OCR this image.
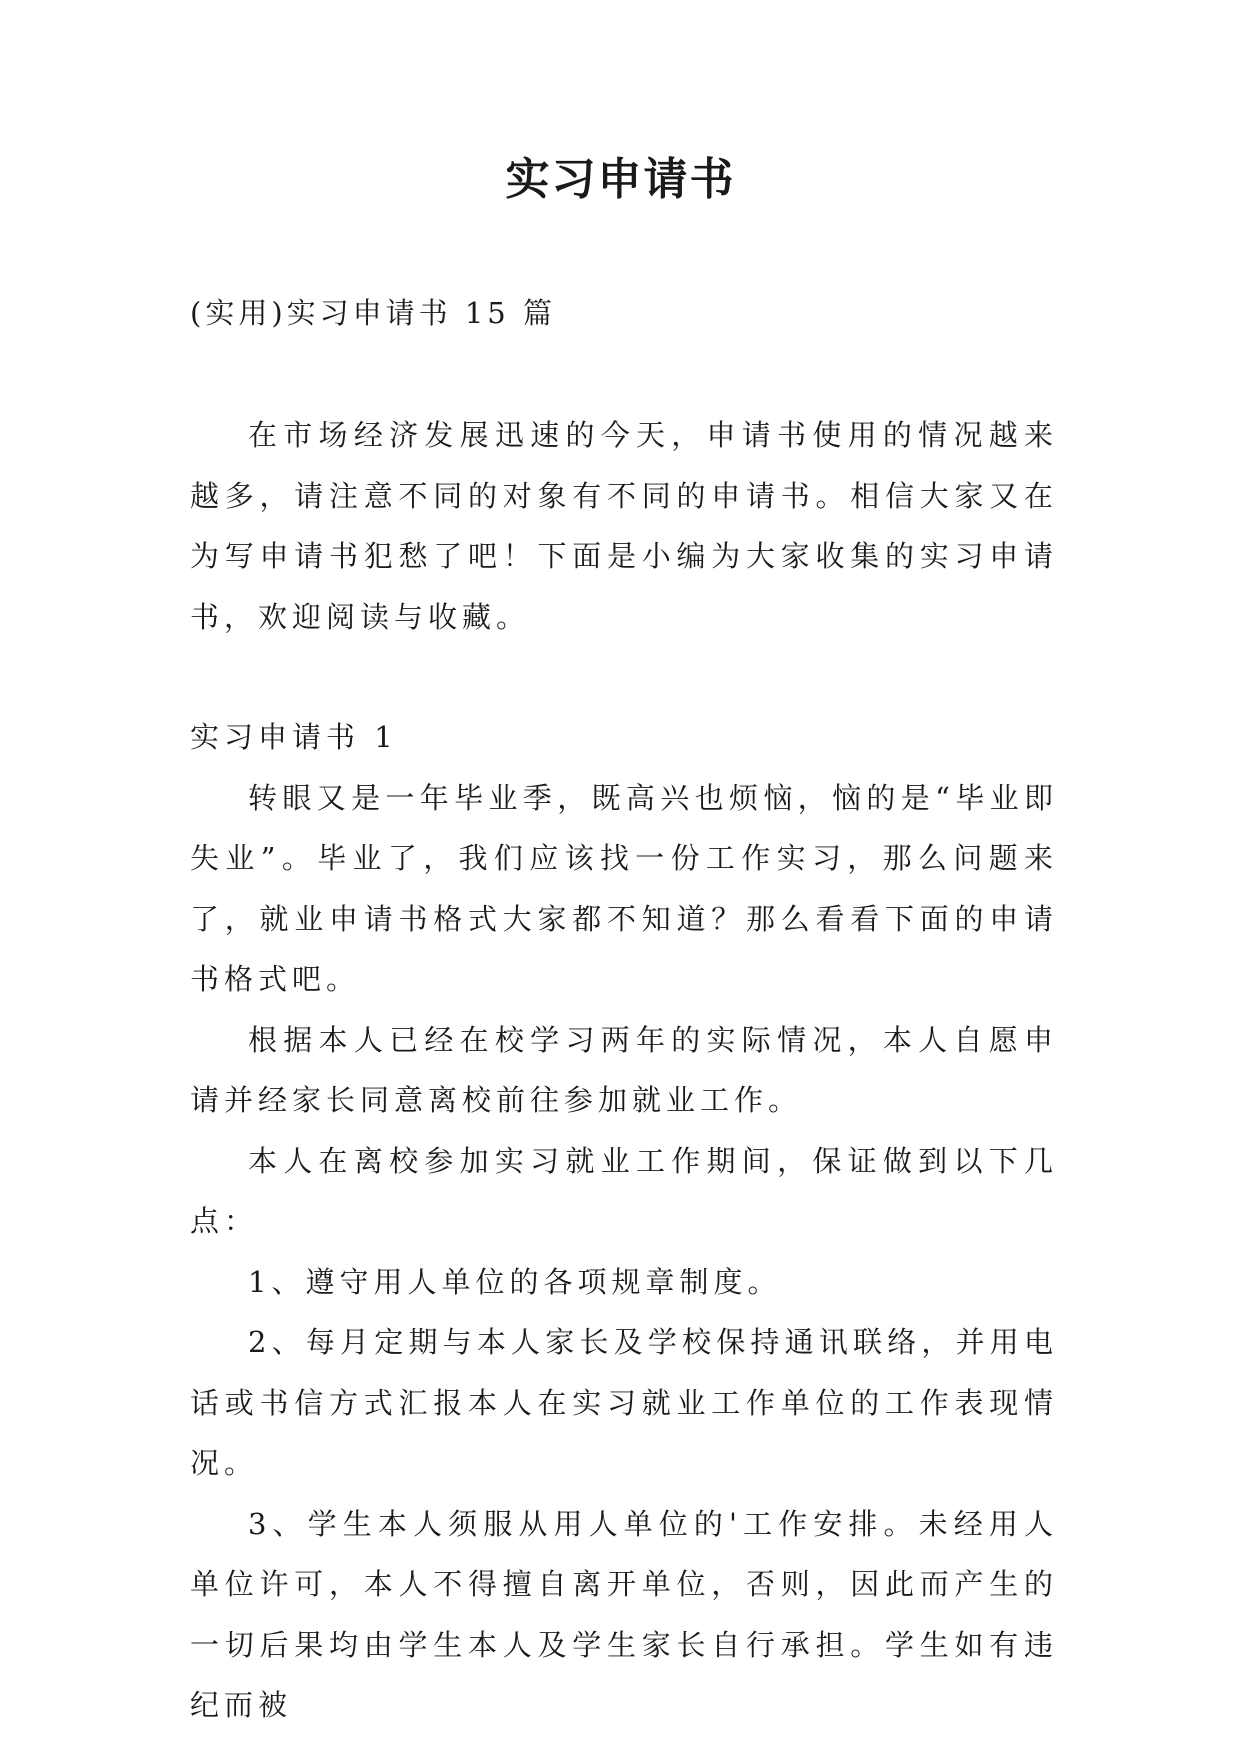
实习申请书
(实用)实习申请书 15 篇

在市场经济发展迅速的今天，申请书使用的情况越来越多，请注意不同的对象有不同的申请书。相信大家又在为写申请书犯愁了吧！下面是小编为大家收集的实习申请书，欢迎阅读与收藏。

实习申请书 1

转眼又是一年毕业季，既高兴也烦恼，恼的是“毕业即失业”。毕业了，我们应该找一份工作实习，那么问题来了，就业申请书格式大家都不知道？那么看看下面的申请书格式吧。

根据本人已经在校学习两年的实际情况，本人自愿申请并经家长同意离校前往参加就业工作。

本人在离校参加实习就业工作期间，保证做到以下几点：

1、遵守用人单位的各项规章制度。

2、每月定期与本人家长及学校保持通讯联络，并用电话或书信方式汇报本人在实习就业工作单位的工作表现情况。

3、学生本人须服从用人单位的'工作安排。未经用人单位许可，本人不得擅自离开单位，否则，因此而产生的一切后果均由学生本人及学生家长自行承担。学生如有违纪而被
